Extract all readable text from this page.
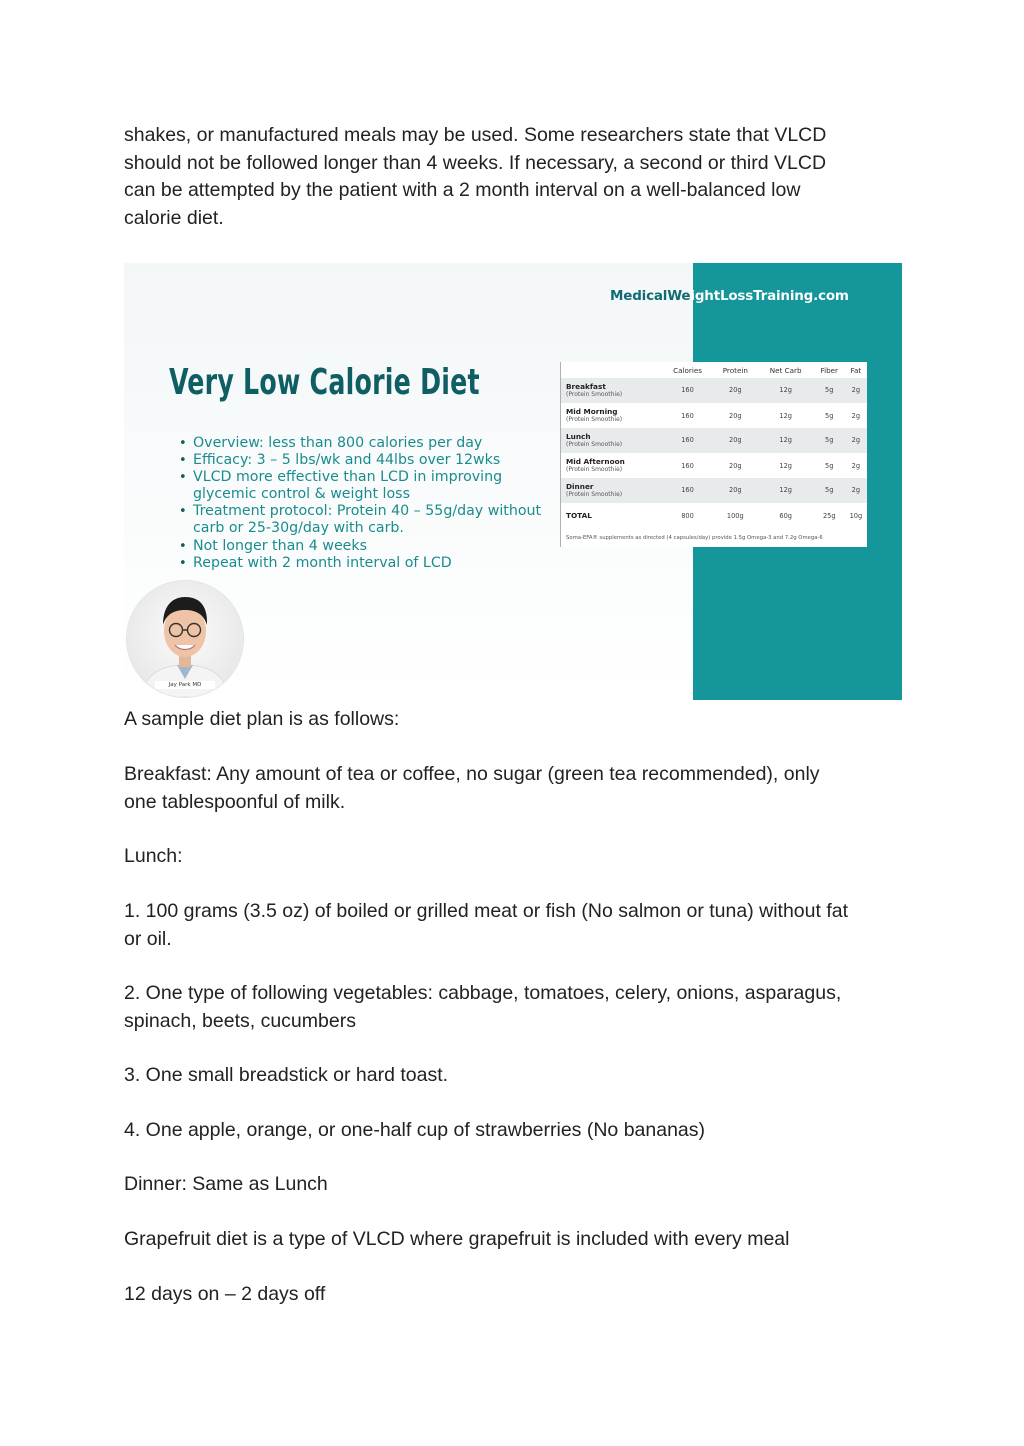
shakes, or manufactured meals may be used. Some researchers state that VLCD
should not be followed longer than 4 weeks. If necessary, a second or third VLCD
can be attempted by the patient with a 2 month interval on a well-balanced low
calorie diet.
MedicalWeightLossTraining.com
Very Low Calorie Diet
• Overview: less than 800 calories per day
• Efficacy: 3 – 5 lbs/wk and 44lbs over 12wks
• VLCD more effective than LCD in improving glycemic control & weight loss
• Treatment protocol: Protein 40 – 55g/day without carb or 25-30g/day with carb.
• Not longer than 4 weeks
• Repeat with 2 month interval of LCD
	Calories	Protein	Net Carb	Fiber	Fat

Breakfast
(Protein Smoothie)	160	20g	12g	5g	2g

Mid Morning
(Protein Smoothie)	160	20g	12g	5g	2g

Lunch
(Protein Smoothie)	160	20g	12g	5g	2g

Mid Afternoon
(Protein Smoothie)	160	20g	12g	5g	2g

Dinner
(Protein Smoothie)	160	20g	12g	5g	2g
TOTAL	800	100g	60g	25g	10g
Soma-EFA® supplements as directed (4 capsules/day) provide 1.5g Omega-3 and 7.2g Omega-6					
Jay Park MD

A sample diet plan is as follows:

Breakfast: Any amount of tea or coffee, no sugar (green tea recommended), only
one tablespoonful of milk.

Lunch:

1. 100 grams (3.5 oz) of boiled or grilled meat or fish (No salmon or tuna) without fat
or oil.
2. One type of following vegetables: cabbage, tomatoes, celery, onions, asparagus,
spinach, beets, cucumbers

3. One small breadstick or hard toast.

4. One apple, orange, or one-half cup of strawberries (No bananas)

Dinner: Same as Lunch

Grapefruit diet is a type of VLCD where grapefruit is included with every meal

12 days on – 2 days off
